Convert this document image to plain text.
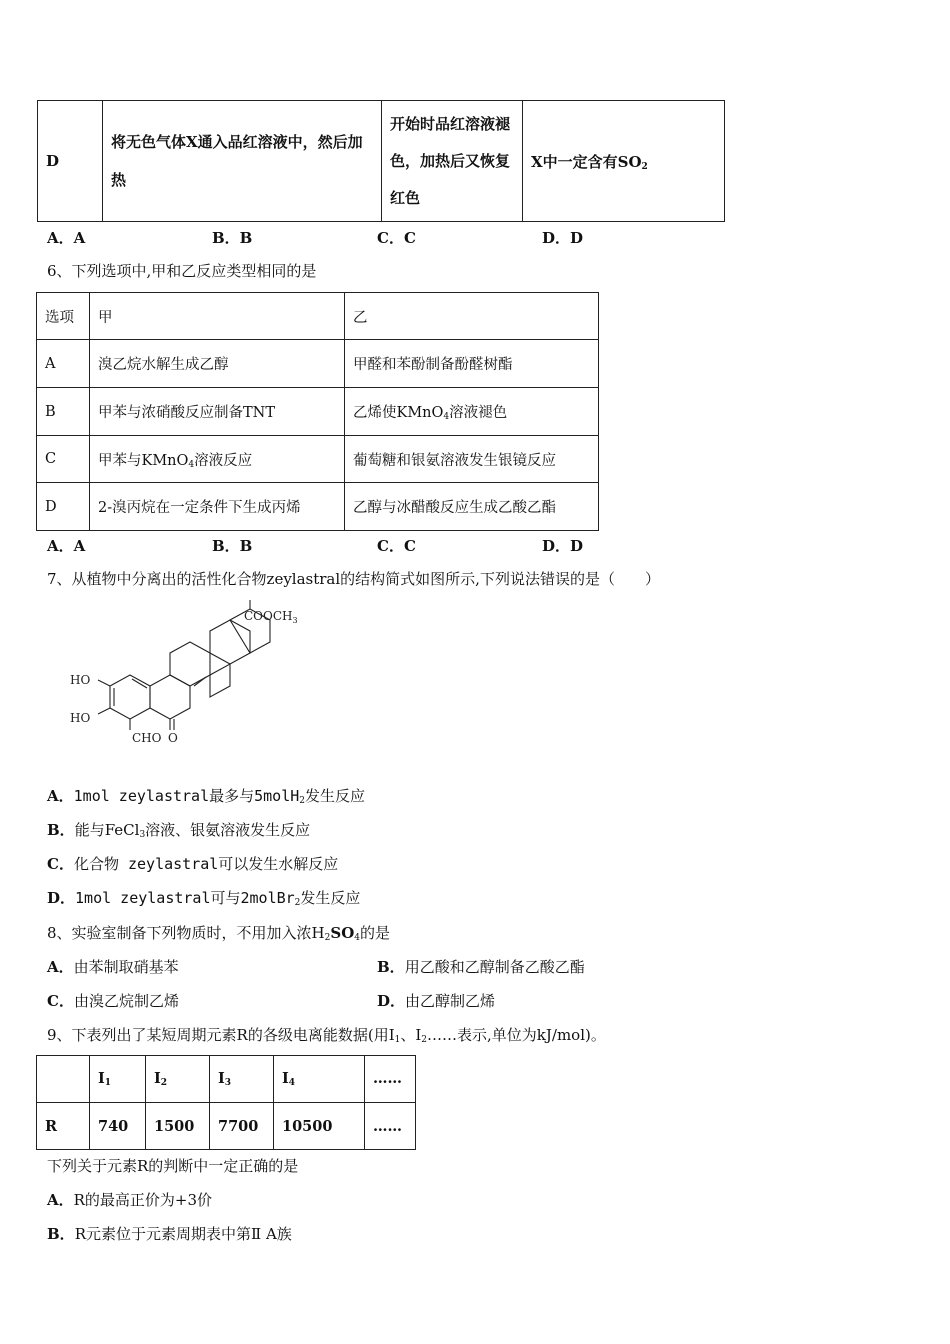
D	将无色气体X通入品红溶液中，然后加热	开始时品红溶液褪色，加热后又恢复红色	X中一定含有$SO_2$
A．A	B．B	C．C	D．D
6、下列选项中,甲和乙反应类型相同的是
选项	甲	乙
A	溴乙烷水解生成乙醇	甲醛和苯酚制备酚醛树酯
B	甲苯与浓硝酸反应制备TNT	乙烯使KMnO$_4$溶液褪色
C	甲苯与KMnO$_4$溶液反应	葡萄糖和银氨溶液发生银镜反应
D	2-溴丙烷在一定条件下生成丙烯	乙醇与冰醋酸反应生成乙酸乙酯
A．A	B．B	C．C	D．D
7、从植物中分离出的活性化合物zeylastral的结构简式如图所示,下列说法错误的是（　　）
$COOCH_3$
HO
HO
CHO O
A．1mol zeylastral最多与5molH$_2$发生反应
B．能与FeCl$_3$溶液、银氨溶液发生反应
C．化合物 zeylastral可以发生水解反应
D．1mol zeylastral可与2molBr$_2$发生反应
8、实验室制备下列物质时，不用加入浓$H_2SO_4$的是
A．由苯制取硝基苯	B．用乙酸和乙醇制备乙酸乙酯
C．由溴乙烷制乙烯	D．由乙醇制乙烯
9、下表列出了某短周期元素R的各级电离能数据(用$I_1$、$I_2\dots\dots$表示,单位为kJ/mol)。
	$I_1$	$I_2$	$I_3$	$I_4$	……
R	740	1500	7700	10500	……
下列关于元素R的判断中一定正确的是
A．R的最高正价为+3价
B．R元素位于元素周期表中第Ⅱ A族
